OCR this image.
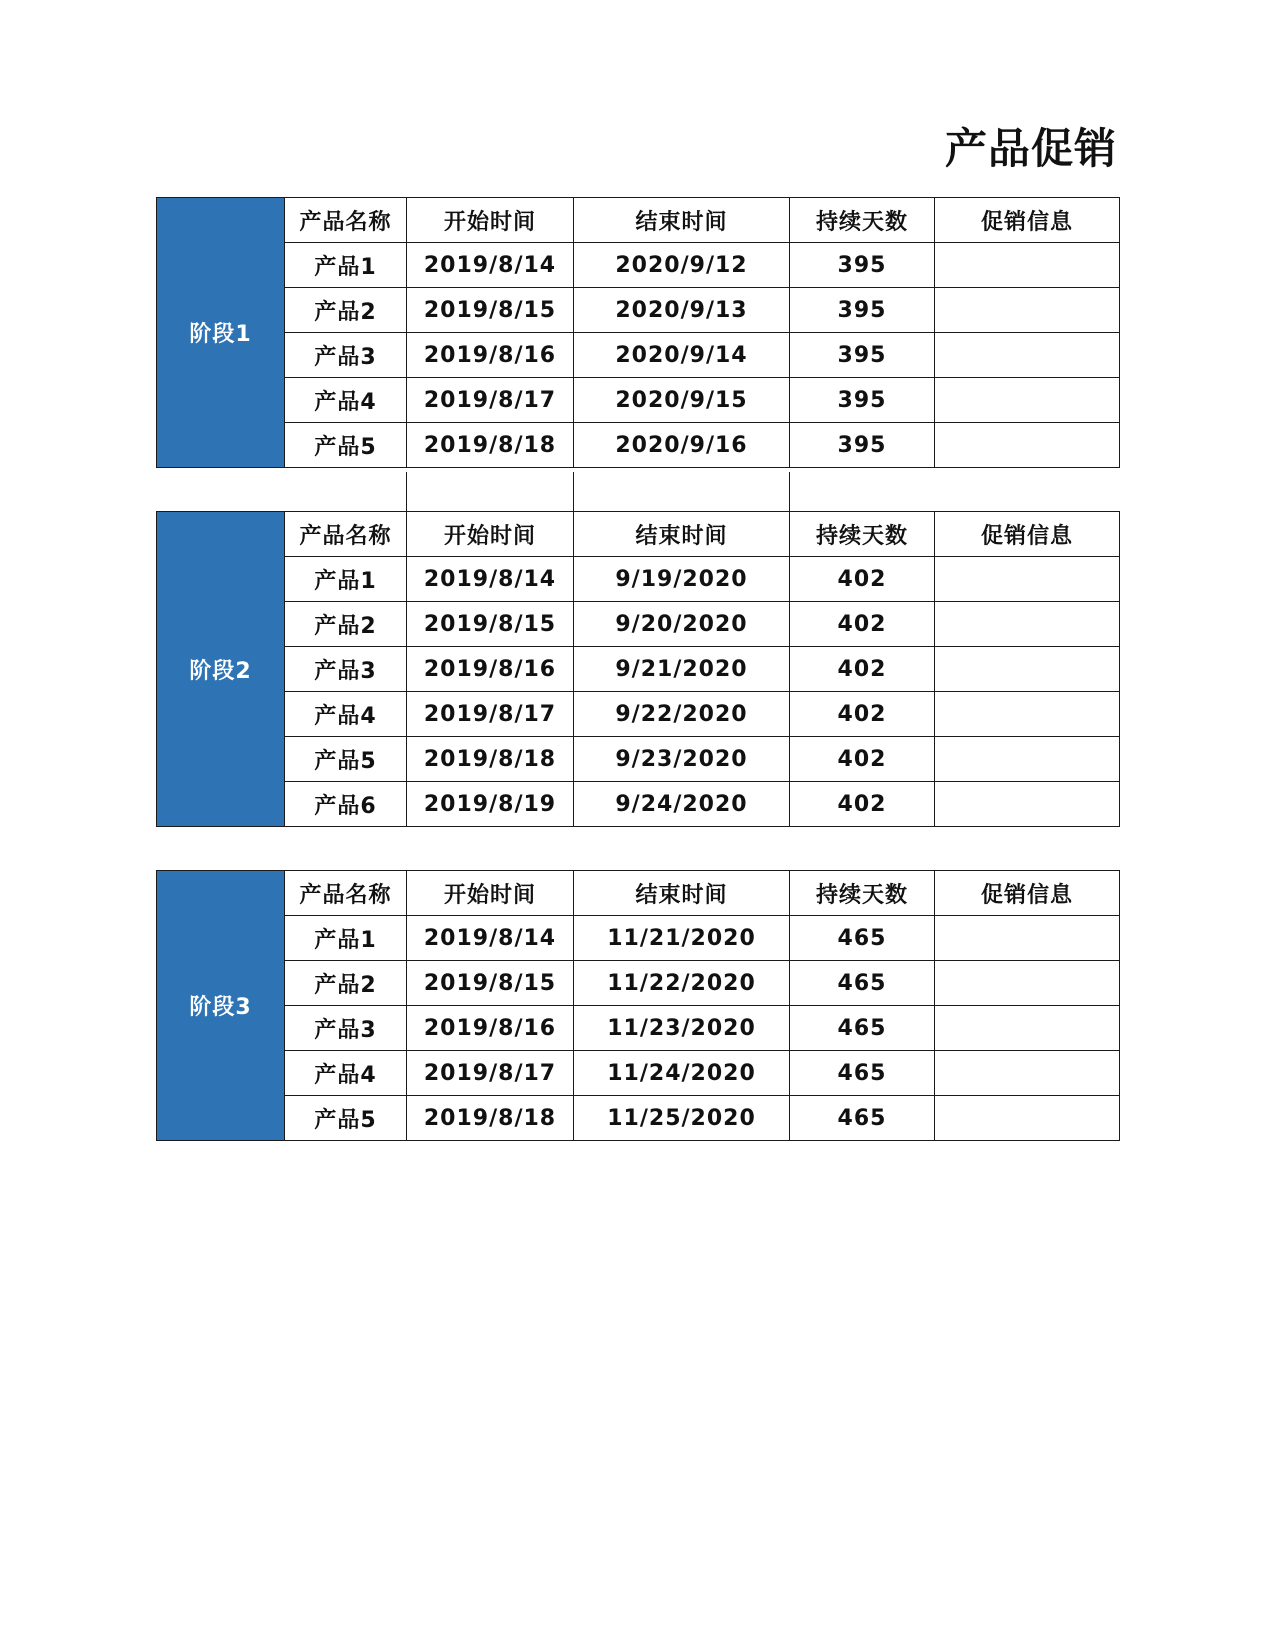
产品促销
阶段1	产品名称	开始时间	结束时间	持续天数	促销信息
	产品1	2019/8/14	2020/9/12	395	
	产品2	2019/8/15	2020/9/13	395	
	产品3	2019/8/16	2020/9/14	395	
	产品4	2019/8/17	2020/9/15	395	
	产品5	2019/8/18	2020/9/16	395	
阶段2	产品名称	开始时间	结束时间	持续天数	促销信息
	产品1	2019/8/14	9/19/2020	402	
	产品2	2019/8/15	9/20/2020	402	
	产品3	2019/8/16	9/21/2020	402	
	产品4	2019/8/17	9/22/2020	402	
	产品5	2019/8/18	9/23/2020	402	
	产品6	2019/8/19	9/24/2020	402	
阶段3	产品名称	开始时间	结束时间	持续天数	促销信息
	产品1	2019/8/14	11/21/2020	465	
	产品2	2019/8/15	11/22/2020	465	
	产品3	2019/8/16	11/23/2020	465	
	产品4	2019/8/17	11/24/2020	465	
	产品5	2019/8/18	11/25/2020	465	
